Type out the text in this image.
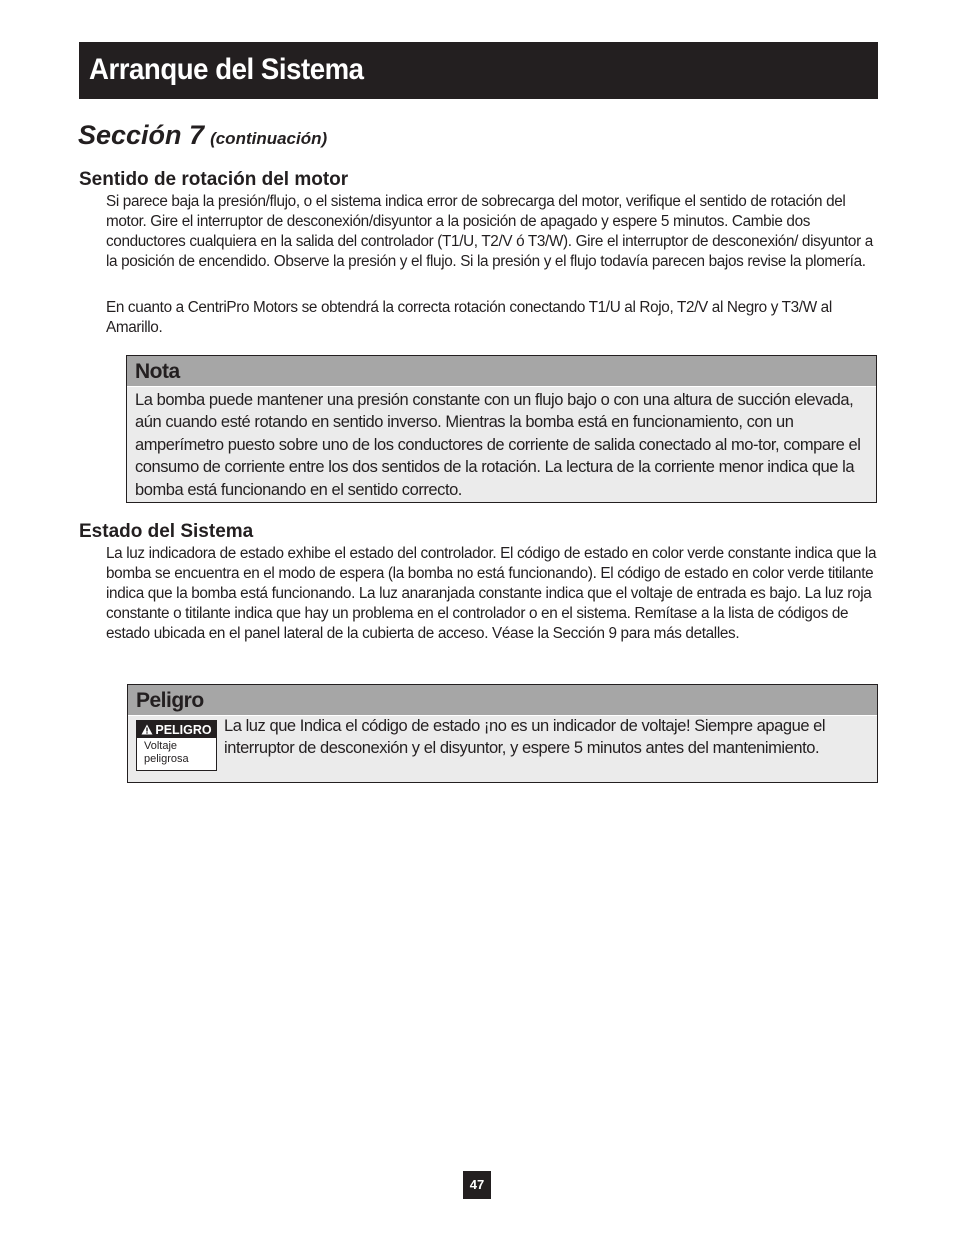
Arranque del Sistema
Sección 7 (continuación)
Sentido de rotación del motor

Si parece baja la presión/flujo, o el sistema indica error de sobrecarga del motor, verifique el sentido de rotación del motor. Gire el interruptor de desconexión/disyuntor a la posición de apagado y espere 5 minutos. Cambie dos conductores cualquiera en la salida del controlador (T1/U, T2/V ó T3/W). Gire el interruptor de desconexión/ disyuntor a la posición de encendido. Observe la presión y el flujo. Si la presión y el flujo todavía parecen bajos revise la plomería.

En cuanto a CentriPro Motors se obtendrá la correcta rotación conectando T1/U al Rojo, T2/V al Negro y T3/W al Amarillo.

Nota
La bomba puede mantener una presión constante con un flujo bajo o con una altura de succión elevada, aún cuando esté rotando en sentido inverso. Mientras la bomba está en funcionamiento, con un amperímetro puesto sobre uno de los conductores de corriente de salida conectado al mo-tor, compare el consumo de corriente entre los dos sentidos de la rotación. La lectura de la corriente menor indica que la bomba está funcionando en el sentido correcto.
Estado del Sistema

La luz indicadora de estado exhibe el estado del controlador. El código de estado en color verde constante indica que la bomba se encuentra en el modo de espera (la bomba no está funcionando). El código de estado en color verde titilante indica que la bomba está funcionando. La luz anaranjada constante indica que el voltaje de entrada es bajo. La luz roja constante o titilante indica que hay un problema en el controlador o en el sistema. Remítase a la lista de códigos de estado ubicada en el panel lateral de la cubierta de acceso. Véase la Sección 9 para más detalles.

Peligro
PELIGRO
Voltaje peligrosa
La luz que Indica el código de estado ¡no es un indicador de voltaje! Siempre apague el interruptor de desconexión y el disyuntor, y espere 5 minutos antes del mantenimiento.
47
